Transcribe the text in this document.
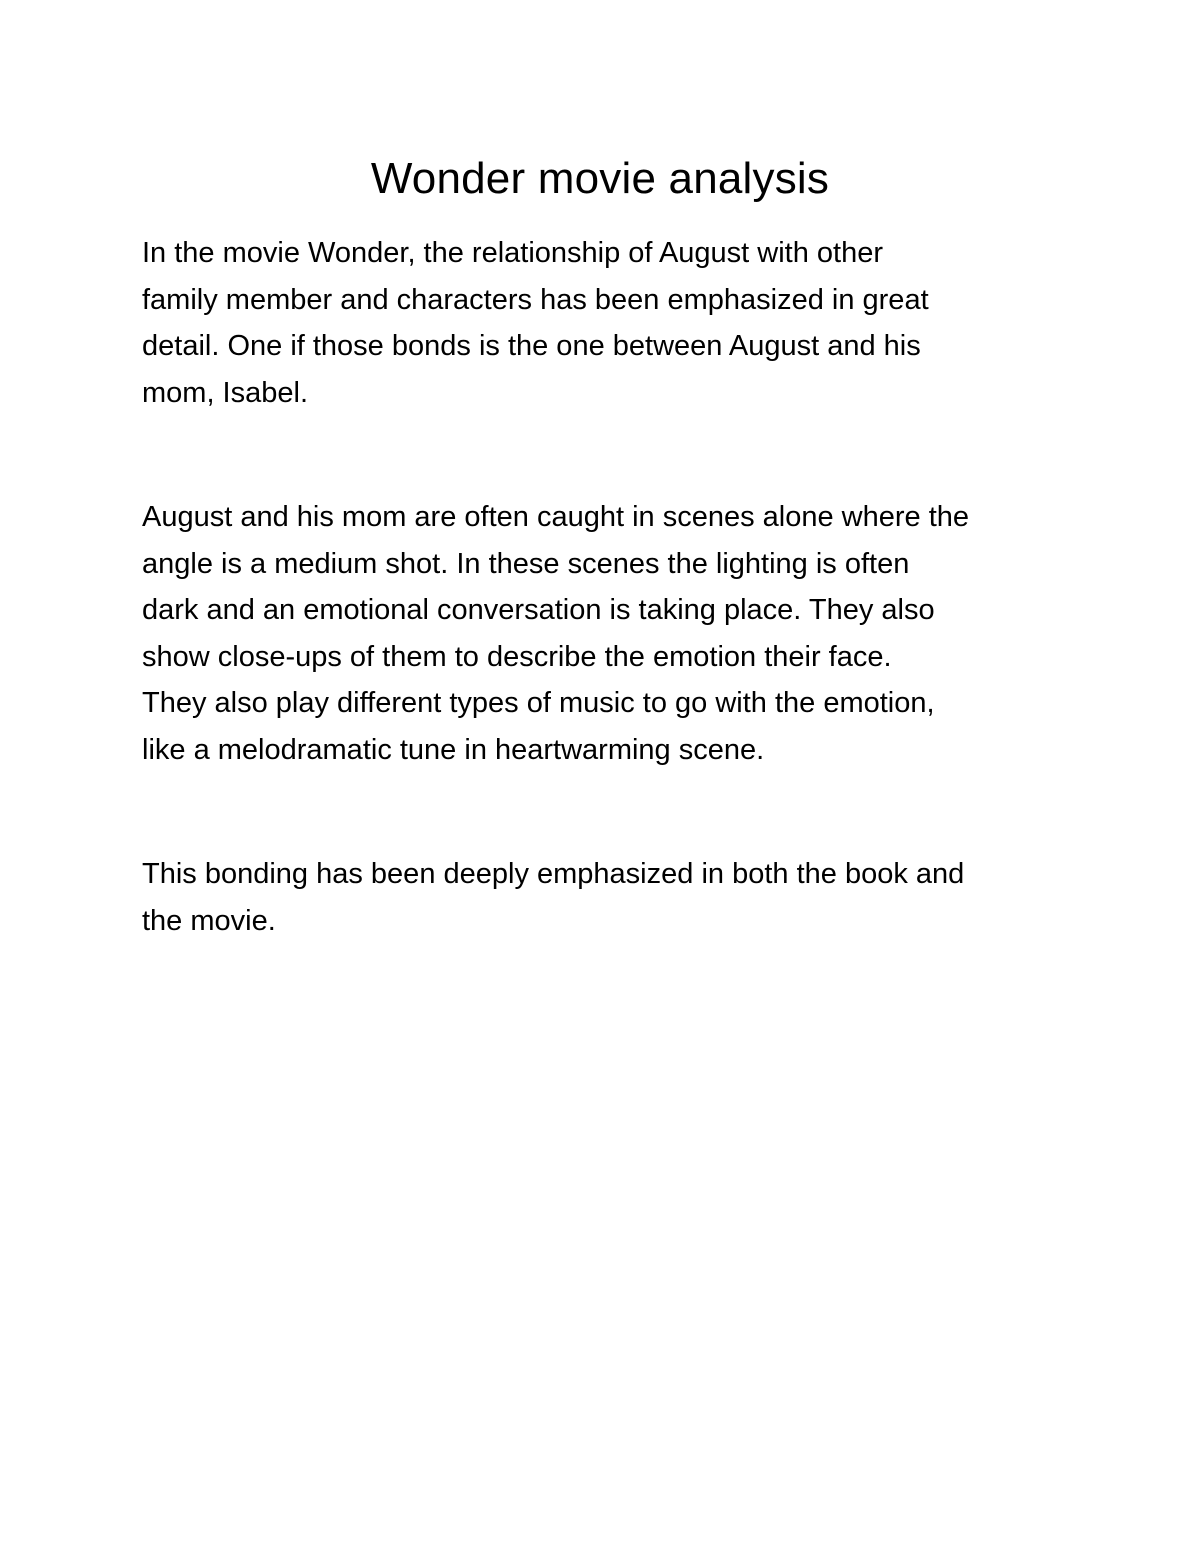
Wonder movie analysis

In the movie Wonder, the relationship of August with other
family member and characters has been emphasized in great
detail. One if those bonds is the one between August and his
mom, Isabel.

August and his mom are often caught in scenes alone where the
angle is a medium shot. In these scenes the lighting is often
dark and an emotional conversation is taking place. They also
show close-ups of them to describe the emotion their face.
They also play different types of music to go with the emotion,
like a melodramatic tune in heartwarming scene.

This bonding has been deeply emphasized in both the book and
the movie.
